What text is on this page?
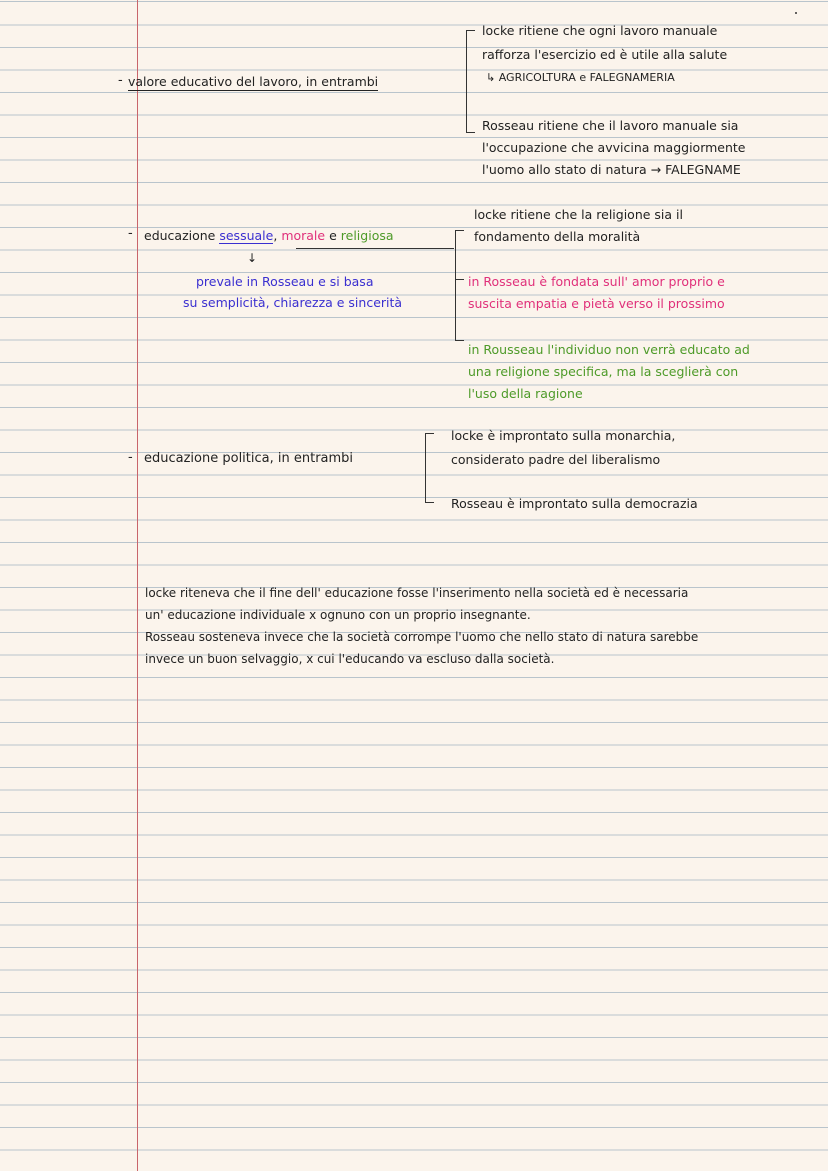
- valore educativo del lavoro, in entrambi
locke ritiene che ogni lavoro manuale
rafforza l'esercizio ed è utile alla salute
↳ AGRICOLTURA e FALEGNAMERIA
Rosseau ritiene che il lavoro manuale sia
l'occupazione che avvicina maggiormente
l'uomo allo stato di natura → FALEGNAME
- educazione sessuale, morale e religiosa
↓
prevale in Rosseau e si basa
su semplicità, chiarezza e sincerità
locke ritiene che la religione sia il
fondamento della moralità
in Rosseau è fondata sull' amor proprio e
suscita empatia e pietà verso il prossimo
in Rousseau l'individuo non verrà educato ad
una religione specifica, ma la sceglierà con
l'uso della ragione
- educazione politica, in entrambi
locke è improntato sulla monarchia,
considerato padre del liberalismo
Rosseau è improntato sulla democrazia
locke riteneva che il fine dell' educazione fosse l'inserimento nella società ed è necessaria
un' educazione individuale x ognuno con un proprio insegnante.
Rosseau sosteneva invece che la società corrompe l'uomo che nello stato di natura sarebbe
invece un buon selvaggio, x cui l'educando va escluso dalla società.
